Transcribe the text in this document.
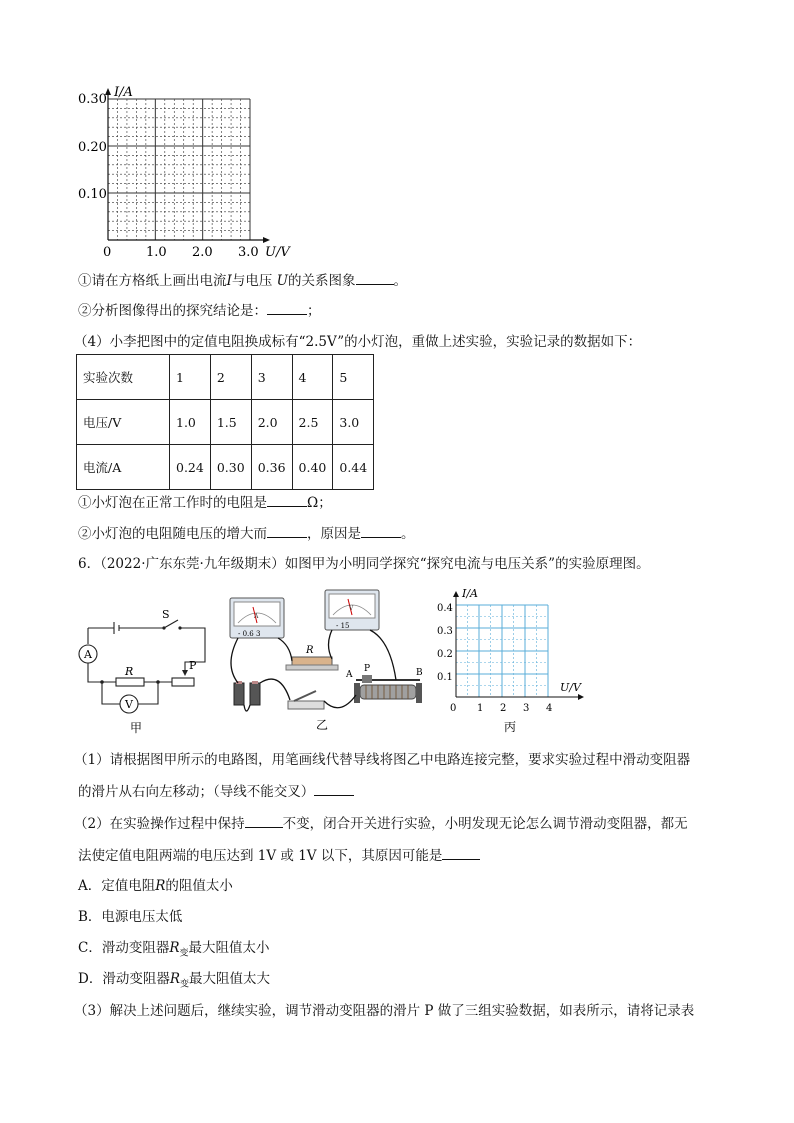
I/A
U/V
0.30
0.20
0.10
0	1.0 2.0 3.0
①请在方格纸上画出电流I与电压 U的关系图象	。
②分析图像得出的探究结论是：	；
（4）小李把图中的定值电阻换成标有“2.5V”的小灯泡，重做上述实验，实验记录的数据如下：
实验次数	1	2	3	4	5
电压/V	1.0	1.5	2.0	2.5	3.0
电流/A	0.24	0.30	0.36	0.40	0.44
①小灯泡在正常工作时的电阻是	Ω；
②小灯泡的电阻随电压的增大而	，原因是	。
6．（2022·广东东莞·九年级期末）如图甲为小明同学探究“探究电流与电压关系”的实验原理图。
S
A
R	P
V
甲
A
- 0.6 3
V
- 15
R
A
P	B
乙
I/A
U/V
0.4
0.3
0.2
0.1
0 1 2 3 4
丙
（1）请根据图甲所示的电路图，用笔画线代替导线将图乙中电路连接完整，要求实验过程中滑动变阻器
的滑片从右向左移动；（导线不能交叉）
（2）在实验操作过程中保持	不变，闭合开关进行实验，小明发现无论怎么调节滑动变阻器，都无
法使定值电阻两端的电压达到 1V 或 1V 以下，其原因可能是
A．定值电阻R的阻值太小
B．电源电压太低
C．滑动变阻器$R_变$最大阻值太小
D．滑动变阻器$R_变$最大阻值太大
（3）解决上述问题后，继续实验，调节滑动变阻器的滑片 P 做了三组实验数据，如表所示，请将记录表
